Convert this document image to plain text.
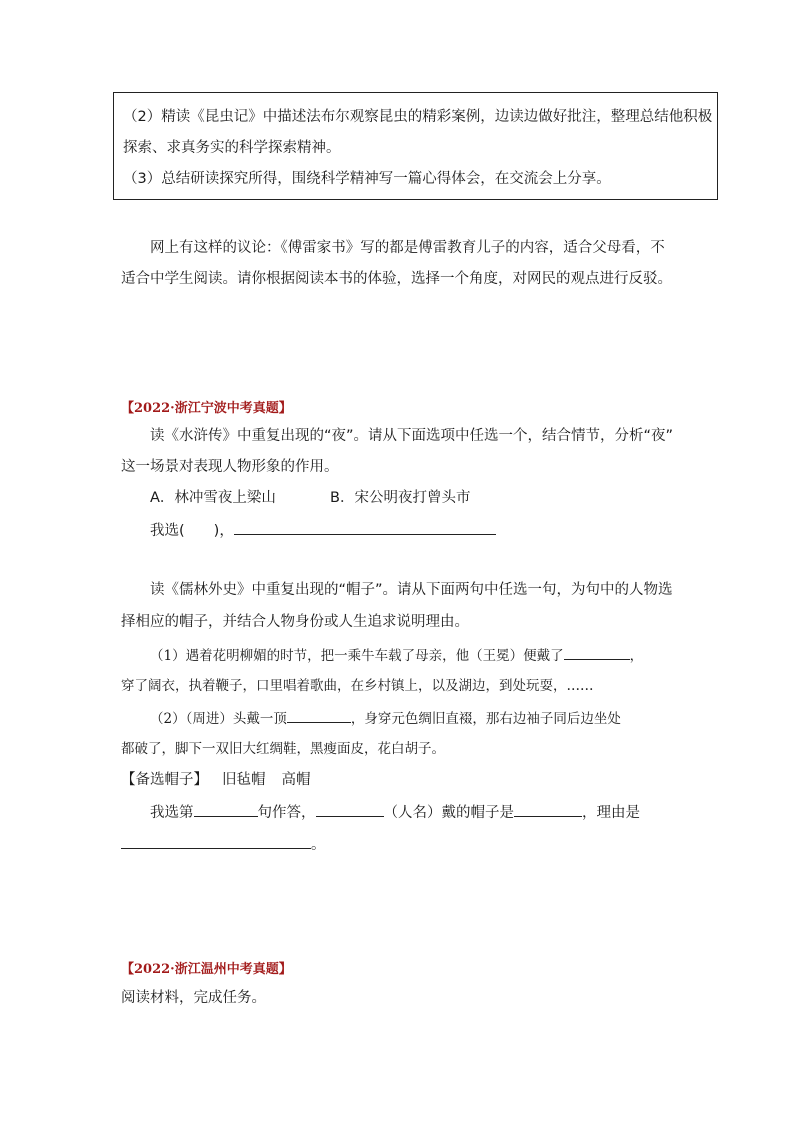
（2）精读《昆虫记》中描述法布尔观察昆虫的精彩案例，边读边做好批注，整理总结他积极
探索、求真务实的科学探索精神。
（3）总结研读探究所得，围绕科学精神写一篇心得体会，在交流会上分享。
网上有这样的议论：《傅雷家书》写的都是傅雷教育儿子的内容，适合父母看，不
适合中学生阅读。请你根据阅读本书的体验，选择一个角度，对网民的观点进行反驳。
【2022·浙江宁波中考真题】
读《水浒传》中重复出现的“夜”。请从下面选项中任选一个，结合情节，分析“夜”
这一场景对表现人物形象的作用。
A．林冲雪夜上梁山	B．宋公明夜打曾头市
我选(　　)，
读《儒林外史》中重复出现的“帽子”。请从下面两句中任选一句，为句中的人物选
择相应的帽子，并结合人物身份或人生追求说明理由。
（1）遇着花明柳媚的时节，把一乘牛车载了母亲，他（王冕）便戴了	，
穿了阔衣，执着鞭子，口里唱着歌曲，在乡村镇上，以及湖边，到处玩耍，……
（2）（周进）头戴一顶	，身穿元色绸旧直裰，那右边袖子同后边坐处
都破了，脚下一双旧大红绸鞋，黑瘦面皮，花白胡子。
【备选帽子】 旧毡帽 高帽
我选第	句作答，	（人名）戴的帽子是	，理由是
。
【2022·浙江温州中考真题】
阅读材料，完成任务。
